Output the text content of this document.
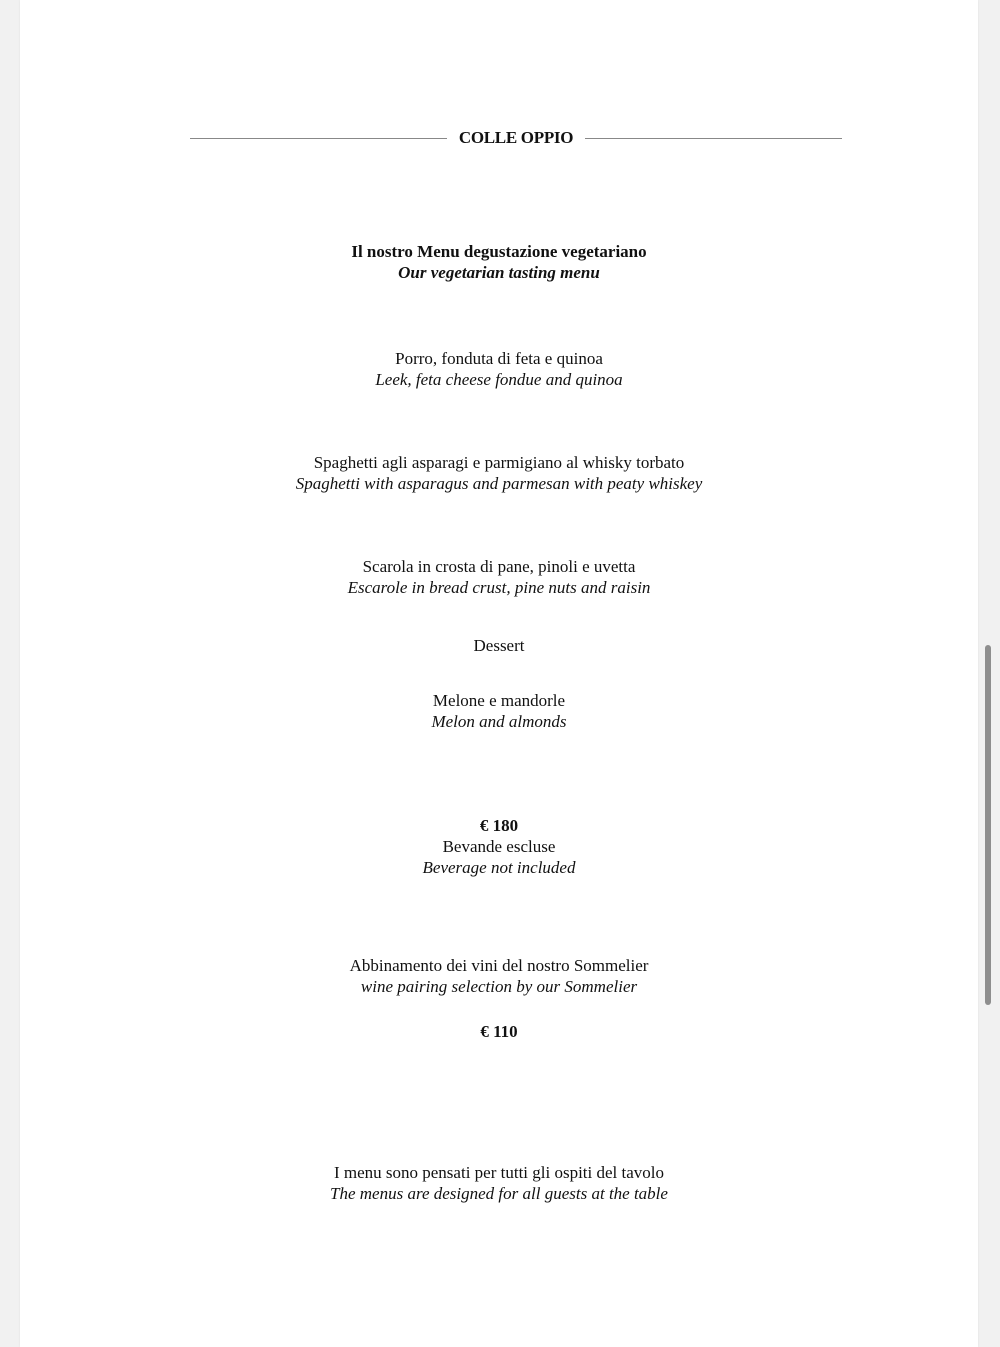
COLLE OPPIO
Il nostro Menu degustazione vegetariano
Our vegetarian tasting menu
Porro, fonduta di feta e quinoa
Leek, feta cheese fondue and quinoa
Spaghetti agli asparagi e parmigiano al whisky torbato
Spaghetti with asparagus and parmesan with peaty whiskey
Scarola in crosta di pane, pinoli e uvetta
Escarole in bread crust, pine nuts and raisin
Dessert
Melone e mandorle
Melon and almonds
€ 180
Bevande escluse
Beverage not included
Abbinamento dei vini del nostro Sommelier
wine pairing selection by our Sommelier
€ 110
I menu sono pensati per tutti gli ospiti del tavolo
The menus are designed for all guests at the table
